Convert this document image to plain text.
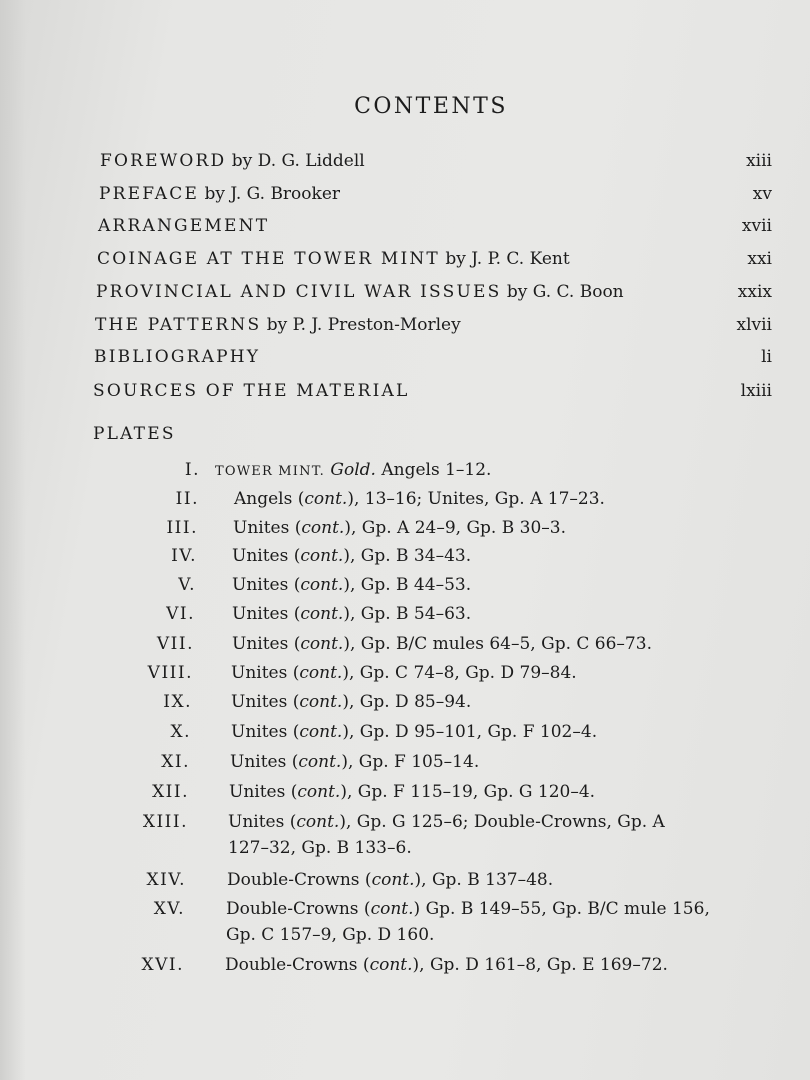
CONTENTS
FOREWORD by D. G. Liddell	xiii
PREFACE by J. G. Brooker	xv
ARRANGEMENT	xvii
COINAGE AT THE TOWER MINT by J. P. C. Kent	xxi
PROVINCIAL AND CIVIL WAR ISSUES by G. C. Boon	xxix
THE PATTERNS by P. J. Preston-Morley	xlvii
BIBLIOGRAPHY	li
SOURCES OF THE MATERIAL	lxiii
PLATES
I. TOWER MINT. Gold. Angels 1–12.
II. Angels (cont.), 13–16; Unites, Gp. A 17–23.
III. Unites (cont.), Gp. A 24–9, Gp. B 30–3.
IV. Unites (cont.), Gp. B 34–43.
V. Unites (cont.), Gp. B 44–53.
VI. Unites (cont.), Gp. B 54–63.
VII. Unites (cont.), Gp. B/C mules 64–5, Gp. C 66–73.
VIII. Unites (cont.), Gp. C 74–8, Gp. D 79–84.
IX. Unites (cont.), Gp. D 85–94.
X. Unites (cont.), Gp. D 95–101, Gp. F 102–4.
XI. Unites (cont.), Gp. F 105–14.
XII. Unites (cont.), Gp. F 115–19, Gp. G 120–4.
XIII. Unites (cont.), Gp. G 125–6; Double-Crowns, Gp. A
127–32, Gp. B 133–6.
XIV. Double-Crowns (cont.), Gp. B 137–48.
XV. Double-Crowns (cont.) Gp. B 149–55, Gp. B/C mule 156,
Gp. C 157–9, Gp. D 160.
XVI. Double-Crowns (cont.), Gp. D 161–8, Gp. E 169–72.
